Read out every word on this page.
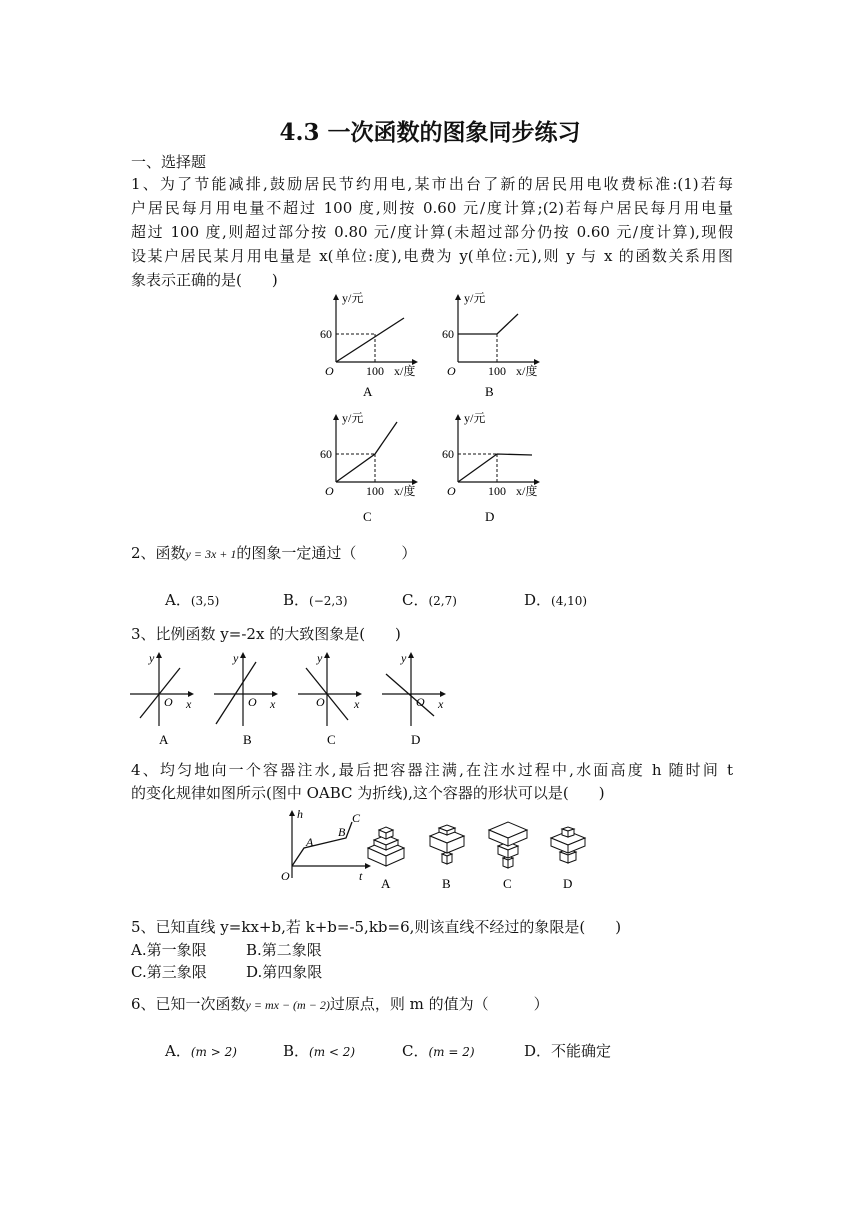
4.3 一次函数的图象同步练习
一、选择题
1、为了节能减排,鼓励居民节约用电,某市出台了新的居民用电收费标准:(1)若每
户居民每月用电量不超过 100 度,则按 0.60 元/度计算;(2)若每户居民每月用电量
超过 100 度,则超过部分按 0.80 元/度计算(未超过部分仍按 0.60 元/度计算),现假
设某户居民某月用电量是 x(单位:度),电费为 y(单位:元),则 y 与 x 的函数关系用图
象表示正确的是(　　)
y/元
60
O	100 x/度
A
y/元
60
O	100 x/度
B
y/元
60
O	100 x/度
C
y/元
60
O	100 x/度
D
2、函数y = 3x + 1的图象一定通过（　　　）
A．(3,5)	B．(−2,3)	C．(2,7)	D．(4,10)
3、比例函数 y=-2x 的大致图象是(　　)
y
O x
A
y
O x
B
y
O x
C
y
O x
D
4、均匀地向一个容器注水,最后把容器注满,在注水过程中,水面高度 h 随时间 t
的变化规律如图所示(图中 OABC 为折线),这个容器的形状可以是(　　)
h
O	t
A
B
C
A	B	C	D
5、已知直线 y=kx+b,若 k+b=-5,kb=6,则该直线不经过的象限是(　　)
A.第一象限	B.第二象限
C.第三象限	D.第四象限
6、已知一次函数y = mx − (m − 2)过原点，则 m 的值为（　　　）
A．(m > 2)	B．(m < 2)	C．(m = 2)	D．不能确定
